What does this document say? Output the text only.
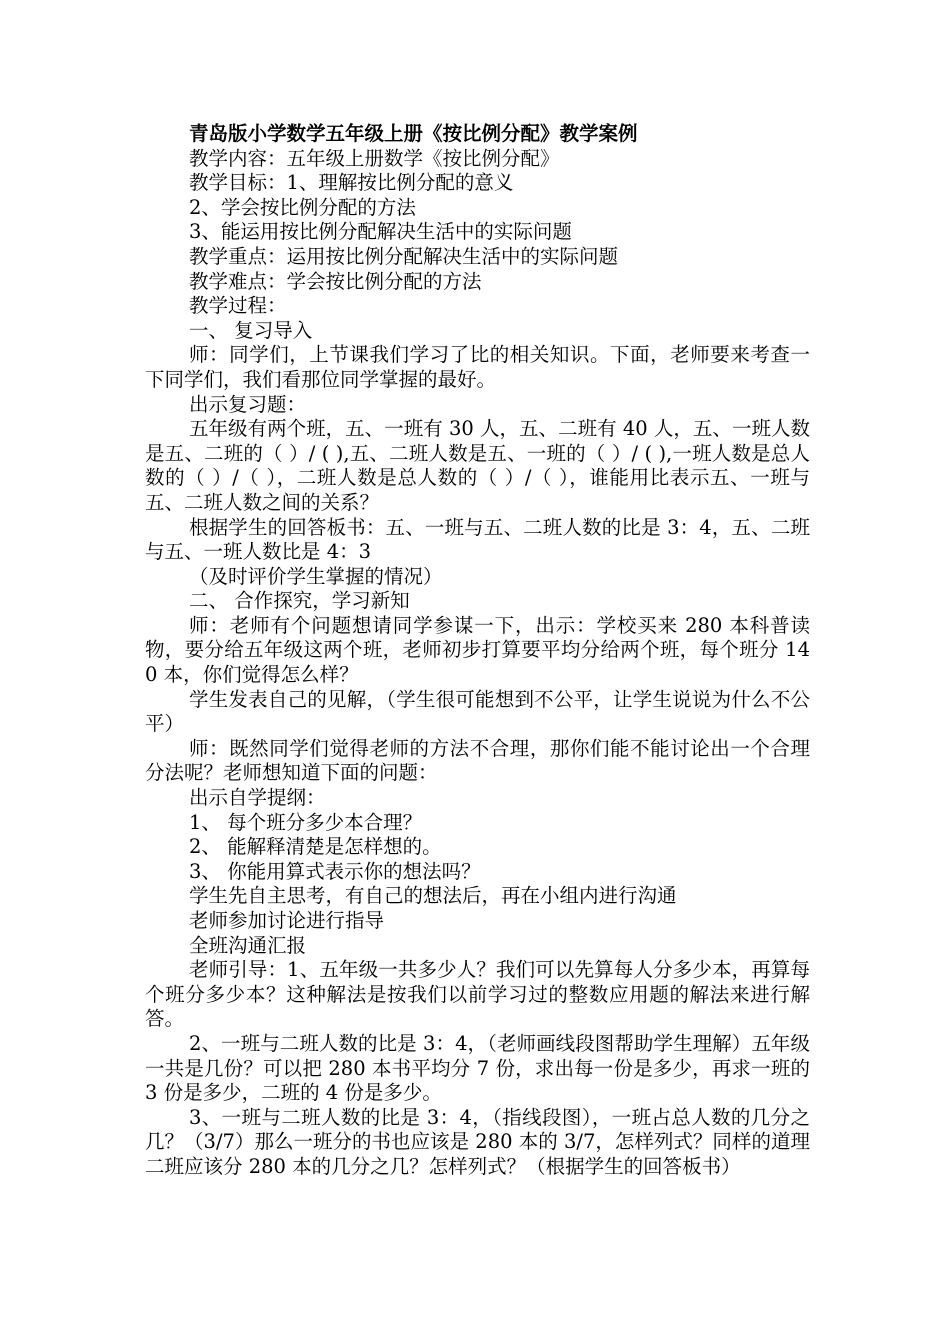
青岛版小学数学五年级上册《按比例分配》教学案例

教学内容：五年级上册数学《按比例分配》

教学目标：1、理解按比例分配的意义

2、学会按比例分配的方法

3、能运用按比例分配解决生活中的实际问题

教学重点：运用按比例分配解决生活中的实际问题

教学难点：学会按比例分配的方法

教学过程：

一、 复习导入

师：同学们，上节课我们学习了比的相关知识。下面，老师要来考查一下同学们，我们看那位同学掌握的最好。

出示复习题：

五年级有两个班，五、一班有 30 人，五、二班有 40 人，五、一班人数是五、二班的（ ）/ ( ),五、二班人数是五、一班的（ ）/ ( ),一班人数是总人数的（ ）/（ ），二班人数是总人数的（ ）/（ ），谁能用比表示五、一班与五、二班人数之间的关系？

根据学生的回答板书：五、一班与五、二班人数的比是 3：4，五、二班与五、一班人数比是 4：3

（及时评价学生掌握的情况）

二、 合作探究，学习新知

师：老师有个问题想请同学参谋一下，出示：学校买来 280 本科普读物，要分给五年级这两个班，老师初步打算要平均分给两个班，每个班分 140 本，你们觉得怎么样？

学生发表自己的见解，（学生很可能想到不公平，让学生说说为什么不公平）

师：既然同学们觉得老师的方法不合理，那你们能不能讨论出一个合理分法呢？老师想知道下面的问题：

出示自学提纲：

1、 每个班分多少本合理？

2、 能解释清楚是怎样想的。

3、 你能用算式表示你的想法吗？

学生先自主思考，有自己的想法后，再在小组内进行沟通

老师参加讨论进行指导

全班沟通汇报

老师引导：1、五年级一共多少人？我们可以先算每人分多少本，再算每个班分多少本？这种解法是按我们以前学习过的整数应用题的解法来进行解答。

2、一班与二班人数的比是 3：4，（老师画线段图帮助学生理解）五年级一共是几份？可以把 280 本书平均分 7 份，求出每一份是多少，再求一班的 3 份是多少，二班的 4 份是多少。

3、一班与二班人数的比是 3：4，（指线段图），一班占总人数的几分之几？（3/7）那么一班分的书也应该是 280 本的 3/7，怎样列式？同样的道理二班应该分 280 本的几分之几？怎样列式？（根据学生的回答板书）
